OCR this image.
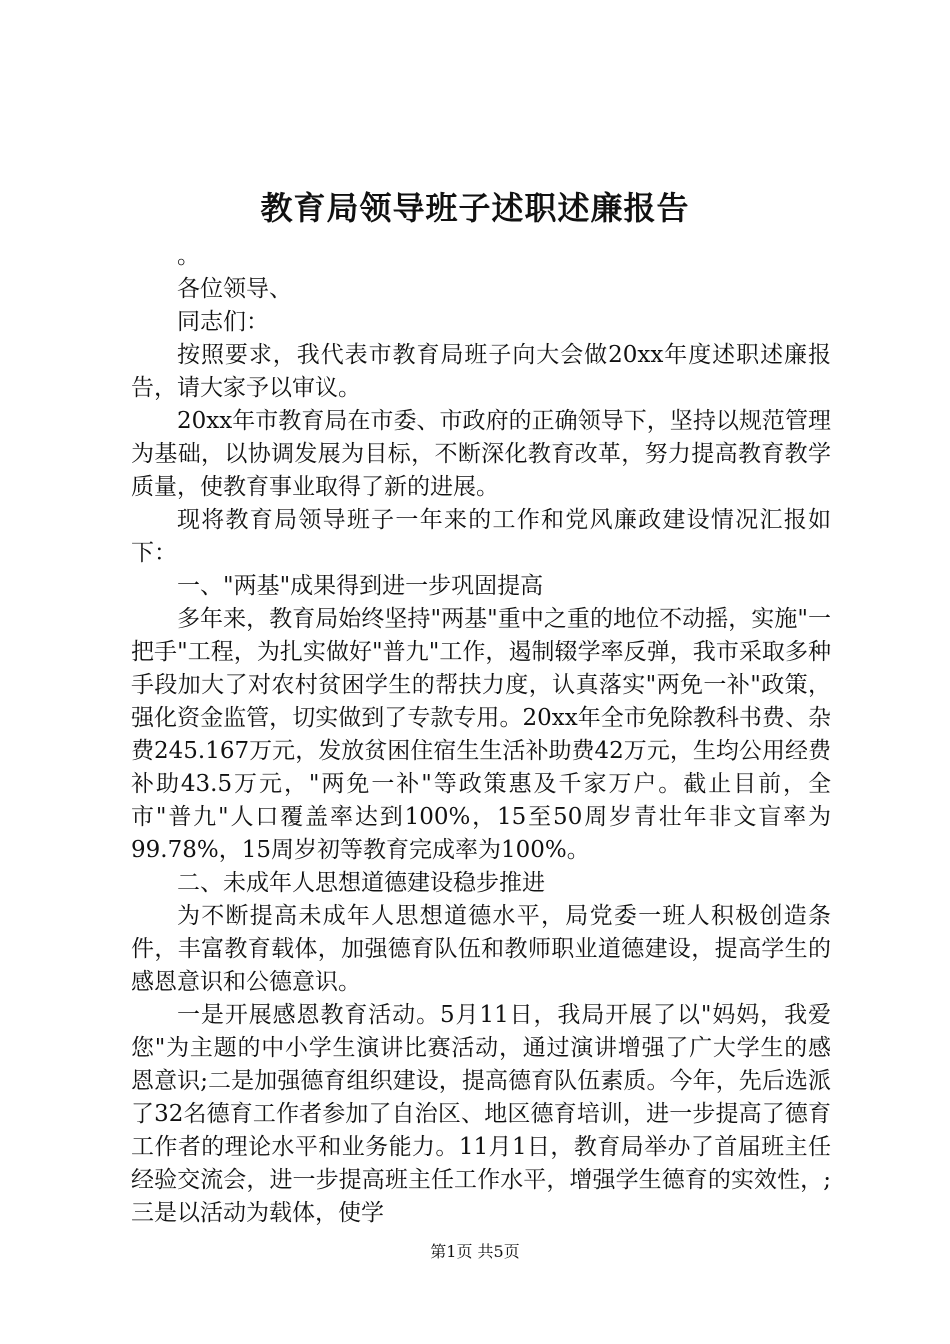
教育局领导班子述职述廉报告

。

各位领导、

同志们：

按照要求，我代表市教育局班子向大会做20xx年度述职述廉报告，请大家予以审议。

20xx年市教育局在市委、市政府的正确领导下，坚持以规范管理为基础，以协调发展为目标，不断深化教育改革，努力提高教育教学质量，使教育事业取得了新的进展。

现将教育局领导班子一年来的工作和党风廉政建设情况汇报如下：

一、"两基"成果得到进一步巩固提高

多年来，教育局始终坚持"两基"重中之重的地位不动摇，实施"一把手"工程，为扎实做好"普九"工作，遏制辍学率反弹，我市采取多种手段加大了对农村贫困学生的帮扶力度，认真落实"两免一补"政策，强化资金监管，切实做到了专款专用。20xx年全市免除教科书费、杂费245.167万元，发放贫困住宿生生活补助费42万元，生均公用经费补助43.5万元，"两免一补"等政策惠及千家万户。截止目前，全市"普九"人口覆盖率达到100%，15至50周岁青壮年非文盲率为99.78%，15周岁初等教育完成率为100%。

二、未成年人思想道德建设稳步推进

为不断提高未成年人思想道德水平，局党委一班人积极创造条件，丰富教育载体，加强德育队伍和教师职业道德建设，提高学生的感恩意识和公德意识。

一是开展感恩教育活动。5月11日，我局开展了以"妈妈，我爱您"为主题的中小学生演讲比赛活动，通过演讲增强了广大学生的感恩意识;二是加强德育组织建设，提高德育队伍素质。今年，先后选派了32名德育工作者参加了自治区、地区德育培训，进一步提高了德育工作者的理论水平和业务能力。11月1日，教育局举办了首届班主任经验交流会，进一步提高班主任工作水平，增强学生德育的实效性，;三是以活动为载体，使学

第1页 共5页
